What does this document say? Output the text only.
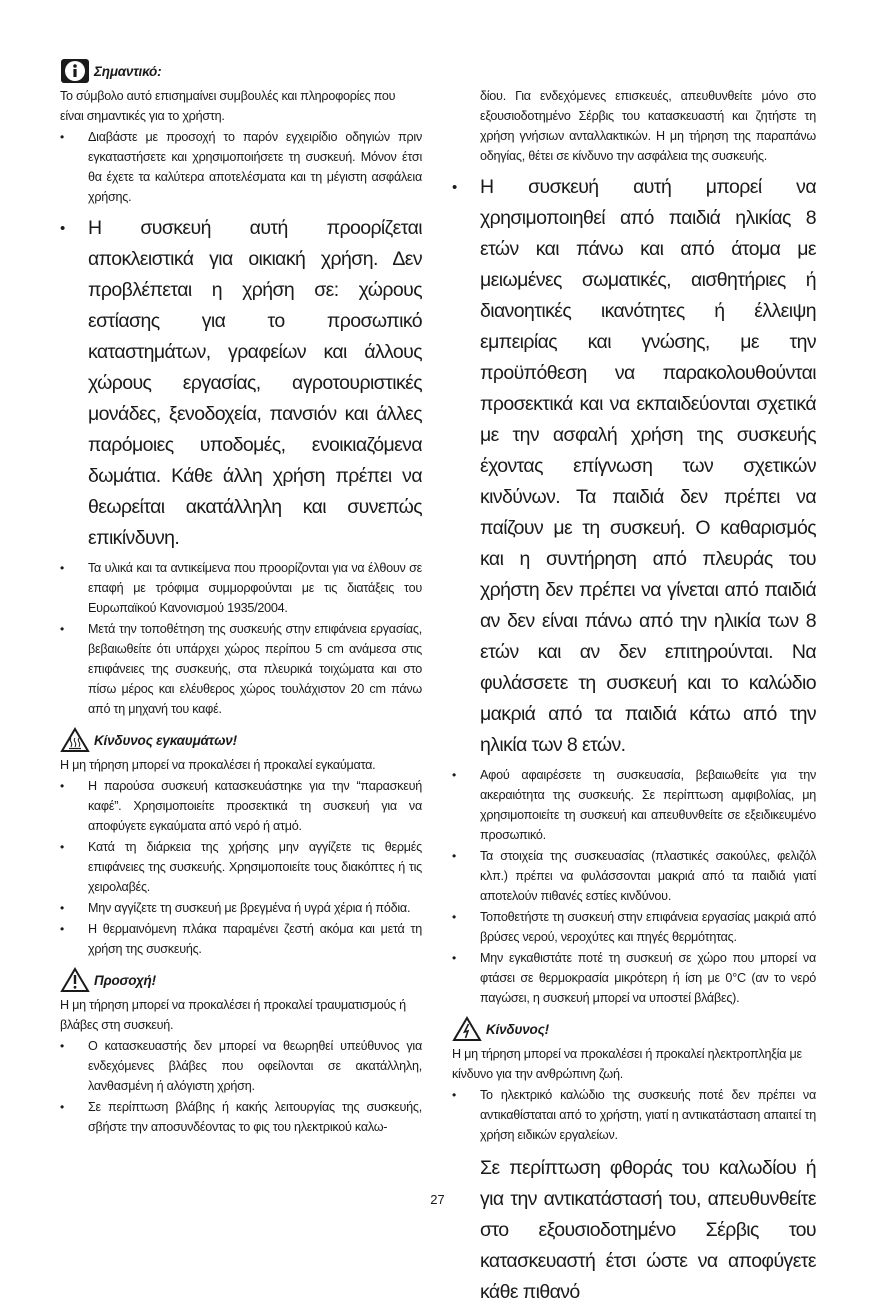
Σημαντικό:

Το σύμβολο αυτό επισημαίνει συμβουλές και πληροφορίες που είναι σημαντικές για το χρήστη.

• Διαβάστε με προσοχή το παρόν εγχειρίδιο οδηγιών πριν εγκαταστήσετε και χρησιμοποιήσετε τη συσκευή. Μόνον έτσι θα έχετε τα καλύτερα αποτελέσματα και τη μέγιστη ασφάλεια χρήσης.
• Η συσκευή αυτή προορίζεται αποκλειστικά για οικιακή χρήση. Δεν προβλέπεται η χρήση σε: χώρους εστίασης για το προσωπικό καταστημάτων, γραφείων και άλλους χώρους εργασίας, αγροτουριστικές μονάδες, ξενοδοχεία, πανσιόν και άλλες παρόμοιες υποδομές, ενοικιαζόμενα δωμάτια. Κάθε άλλη χρήση πρέπει να θεωρείται ακατάλληλη και συνεπώς επικίνδυνη.
• Τα υλικά και τα αντικείμενα που προορίζονται για να έλθουν σε επαφή με τρόφιμα συμμορφούνται με τις διατάξεις του Ευρωπαϊκού Κανονισμού 1935/2004.
• Μετά την τοποθέτηση της συσκευής στην επιφάνεια εργασίας, βεβαιωθείτε ότι υπάρχει χώρος περίπου 5 cm ανάμεσα στις επιφάνειες της συσκευής, στα πλευρικά τοιχώματα και στο πίσω μέρος και ελέυθερος χώρος τουλάχιστον 20 cm πάνω από τη μηχανή του καφέ.
Κίνδυνος εγκαυμάτων!

Η μη τήρηση μπορεί να προκαλέσει ή προκαλεί εγκαύματα.

• Η παρούσα συσκευή κατασκευάστηκε για την “παρασκευή καφέ”. Χρησιμοποιείτε προσεκτικά τη συσκευή για να αποφύγετε εγκαύματα από νερό ή ατμό.
• Κατά τη διάρκεια της χρήσης μην αγγίζετε τις θερμές επιφάνειες της συσκευής. Χρησιμοποιείτε τους διακόπτες ή τις χειρολαβές.
• Μην αγγίζετε τη συσκευή με βρεγμένα ή υγρά χέρια ή πόδια.
• Η θερμαινόμενη πλάκα παραμένει ζεστή ακόμα και μετά τη χρήση της συσκευής.
Προσοχή!

Η μη τήρηση μπορεί να προκαλέσει ή προκαλεί τραυματισμούς ή βλάβες στη συσκευή.

• Ο κατασκευαστής δεν μπορεί να θεωρηθεί υπεύθυνος για ενδεχόμενες βλάβες που οφείλονται σε ακατάλληλη, λανθασμένη ή αλόγιστη χρήση.
• Σε περίπτωση βλάβης ή κακής λειτουργίας της συσκευής, σβήστε την αποσυνδέοντας το φις του ηλεκτρικού καλω-

δίου. Για ενδεχόμενες επισκευές, απευθυνθείτε μόνο στο εξουσιοδοτημένο Σέρβις του κατασκευαστή και ζητήστε τη χρήση γνήσιων ανταλλακτικών. Η μη τήρηση της παραπάνω οδηγίας, θέτει σε κίνδυνο την ασφάλεια της συσκευής.

• Η συσκευή αυτή μπορεί να χρησιμοποιηθεί από παιδιά ηλικίας 8 ετών και πάνω και από άτομα με μειωμένες σωματικές, αισθητήριες ή διανοητικές ικανότητες ή έλλειψη εμπειρίας και γνώσης, με την προϋπόθεση να παρακολουθούνται προσεκτικά και να εκπαιδεύονται σχετικά με την ασφαλή χρήση της συσκευής έχοντας επίγνωση των σχετικών κινδύνων. Τα παιδιά δεν πρέπει να παίζουν με τη συσκευή. Ο καθαρισμός και η συντήρηση από πλευράς του χρήστη δεν πρέπει να γίνεται από παιδιά αν δεν είναι πάνω από την ηλικία των 8 ετών και αν δεν επιτηρούνται. Να φυλάσσετε τη συσκευή και το καλώδιο μακριά από τα παιδιά κάτω από την ηλικία των 8 ετών.
• Αφού αφαιρέσετε τη συσκευασία, βεβαιωθείτε για την ακεραιότητα της συσκευής. Σε περίπτωση αμφιβολίας, μη χρησιμοποιείτε τη συσκευή και απευθυνθείτε σε εξειδικευμένο προσωπικό.
• Τα στοιχεία της συσκευασίας (πλαστικές σακούλες, φελιζόλ κλπ.) πρέπει να φυλάσσονται μακριά από τα παιδιά γιατί αποτελούν πιθανές εστίες κινδύνου.
• Τοποθετήστε τη συσκευή στην επιφάνεια εργασίας μακριά από βρύσες νερού, νεροχύτες και πηγές θερμότητας.
• Μην εγκαθιστάτε ποτέ τη συσκευή σε χώρο που μπορεί να φτάσει σε θερμοκρασία μικρότερη ή ίση με 0°C (αν το νερό παγώσει, η συσκευή μπορεί να υποστεί βλάβες).
Κίνδυνος!

Η μη τήρηση μπορεί να προκαλέσει ή προκαλεί ηλεκτροπληξία με κίνδυνο για την ανθρώπινη ζωή.

• Το ηλεκτρικό καλώδιο της συσκευής ποτέ δεν πρέπει να αντικαθίσταται από το χρήστη, γιατί η αντικατάσταση απαιτεί τη χρήση ειδικών εργαλείων.

Σε περίπτωση φθοράς του καλωδίου ή για την αντικατάστασή του, απευθυνθείτε στο εξουσιοδοτημένο Σέρβις του κατασκευαστή έτσι ώστε να αποφύγετε κάθε πιθανό

27
